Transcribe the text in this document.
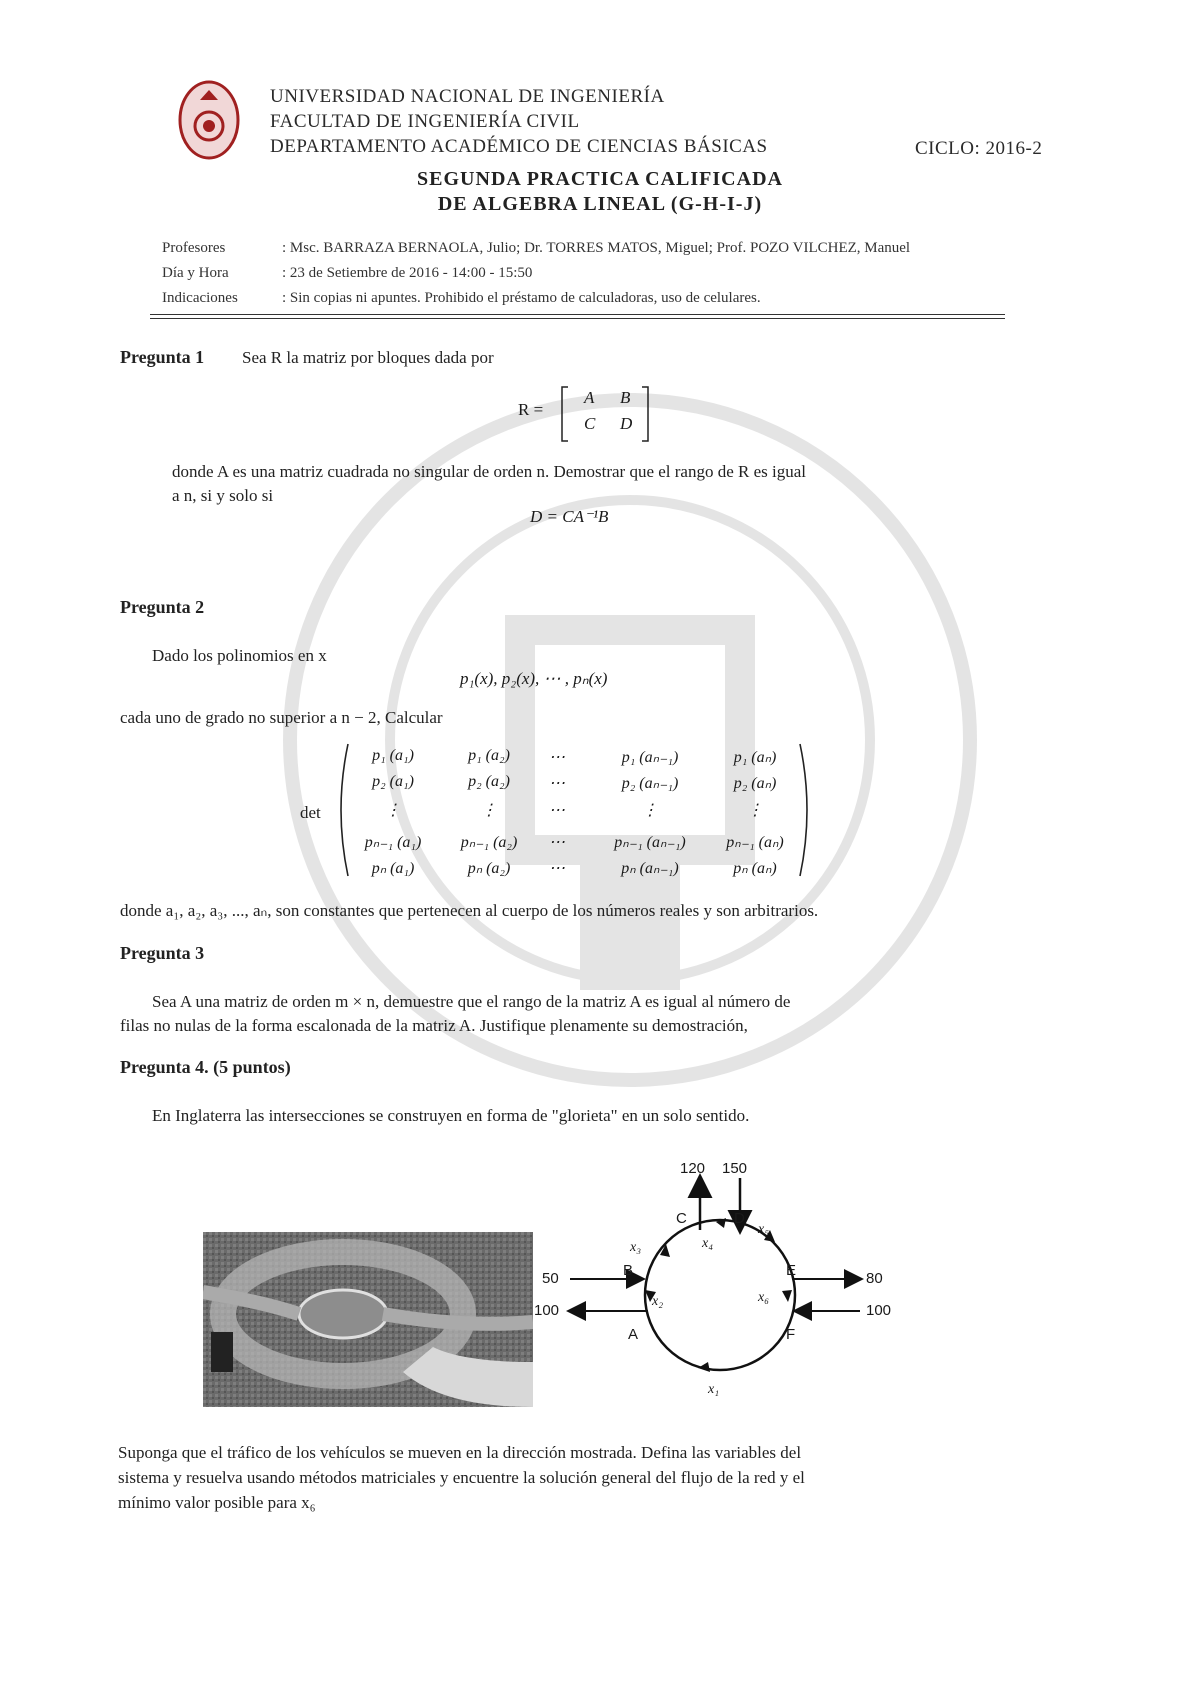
UNIVERSIDAD NACIONAL DE INGENIERÍA
FACULTAD DE INGENIERÍA CIVIL
DEPARTAMENTO ACADÉMICO DE CIENCIAS BÁSICAS	CICLO: 2016-2
SEGUNDA PRACTICA CALIFICADA
DE ALGEBRA LINEAL (G-H-I-J)
Profesores	: Msc. BARRAZA BERNAOLA, Julio; Dr. TORRES MATOS, Miguel; Prof. POZO VILCHEZ, Manuel
Día y Hora	: 23 de Setiembre de 2016 - 14:00 - 15:50
Indicaciones	: Sin copias ni apuntes. Prohibido el préstamo de calculadoras, uso de celulares.
Pregunta 1 Sea R la matriz por bloques dada por
R =
A B
C D
donde A es una matriz cuadrada no singular de orden n. Demostrar que el rango de R es igual
a n, si y solo si
D = CA⁻¹B
Pregunta 2
Dado los polinomios en x
p₁(x), p₂(x), ⋯ , pₙ(x)
cada uno de grado no superior a n − 2, Calcular
det
p₁ (a₁)	p₁ (a₂)	⋯	p₁ (aₙ₋₁)	p₁ (aₙ)
p₂ (a₁)	p₂ (a₂)	⋯	p₂ (aₙ₋₁)	p₂ (aₙ)
⋮	⋮	⋯	⋮	⋮
pₙ₋₁ (a₁)	pₙ₋₁ (a₂)	⋯	pₙ₋₁ (aₙ₋₁)	pₙ₋₁ (aₙ)
pₙ (a₁)	pₙ (a₂)	⋯	pₙ (aₙ₋₁)	pₙ (aₙ)
donde a₁, a₂, a₃, ..., aₙ, son constantes que pertenecen al cuerpo de los números reales y son arbitrarios.
Pregunta 3
Sea A una matriz de orden m × n, demuestre que el rango de la matriz A es igual al número de
filas no nulas de la forma escalonada de la matriz A. Justifique plenamente su demostración,
Pregunta 4. (5 puntos)
En Inglaterra las intersecciones se construyen en forma de "glorieta" en un solo sentido.
120 150
50
100
80
100
A
B
C	D
E
F
x₁
x₂
x₃	x₄
x₅
x₆
Suponga que el tráfico de los vehículos se mueven en la dirección mostrada. Defina las variables del
sistema y resuelva usando métodos matriciales y encuentre la solución general del flujo de la red y el
mínimo valor posible para x₆
